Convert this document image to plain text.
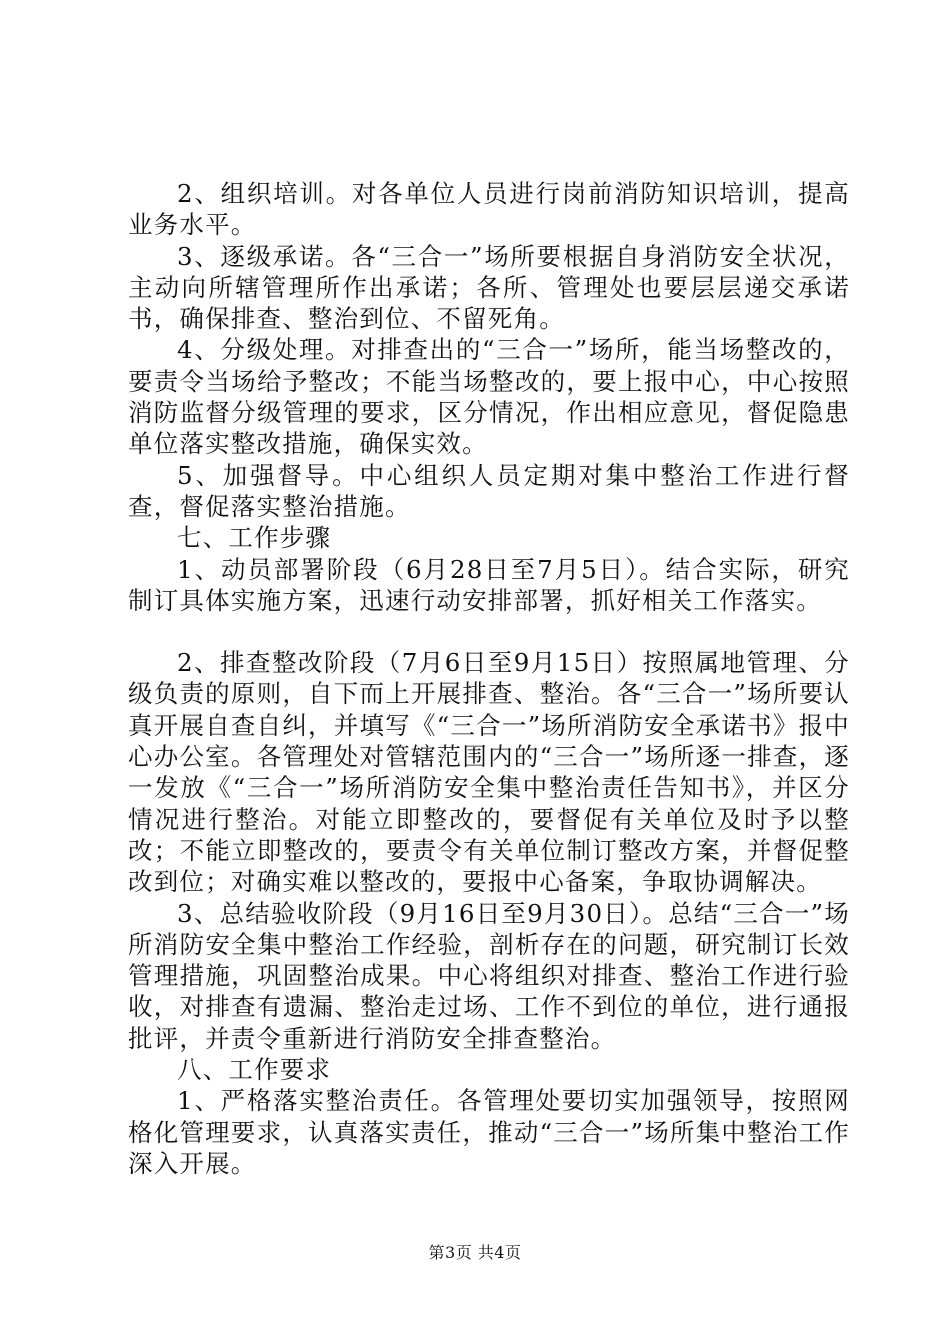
2、组织培训。对各单位人员进行岗前消防知识培训，提高业务水平。

3、逐级承诺。各“三合一”场所要根据自身消防安全状况，主动向所辖管理所作出承诺；各所、管理处也要层层递交承诺书，确保排查、整治到位、不留死角。

4、分级处理。对排查出的“三合一”场所，能当场整改的，要责令当场给予整改；不能当场整改的，要上报中心，中心按照消防监督分级管理的要求，区分情况，作出相应意见，督促隐患单位落实整改措施，确保实效。

5、加强督导。中心组织人员定期对集中整治工作进行督查，督促落实整治措施。

七、工作步骤

1、动员部署阶段（6月28日至7月5日）。结合实际，研究制订具体实施方案，迅速行动安排部署，抓好相关工作落实。

2、排查整改阶段（7月6日至9月15日）按照属地管理、分级负责的原则，自下而上开展排查、整治。各“三合一”场所要认真开展自查自纠，并填写《“三合一”场所消防安全承诺书》报中心办公室。各管理处对管辖范围内的“三合一”场所逐一排查，逐一发放《“三合一”场所消防安全集中整治责任告知书》，并区分情况进行整治。对能立即整改的，要督促有关单位及时予以整改；不能立即整改的，要责令有关单位制订整改方案，并督促整改到位；对确实难以整改的，要报中心备案，争取协调解决。

3、总结验收阶段（9月16日至9月30日）。总结“三合一”场所消防安全集中整治工作经验，剖析存在的问题，研究制订长效管理措施，巩固整治成果。中心将组织对排查、整治工作进行验收，对排查有遗漏、整治走过场、工作不到位的单位，进行通报批评，并责令重新进行消防安全排查整治。

八、工作要求

1、严格落实整治责任。各管理处要切实加强领导，按照网格化管理要求，认真落实责任，推动“三合一”场所集中整治工作深入开展。

第3页 共4页
